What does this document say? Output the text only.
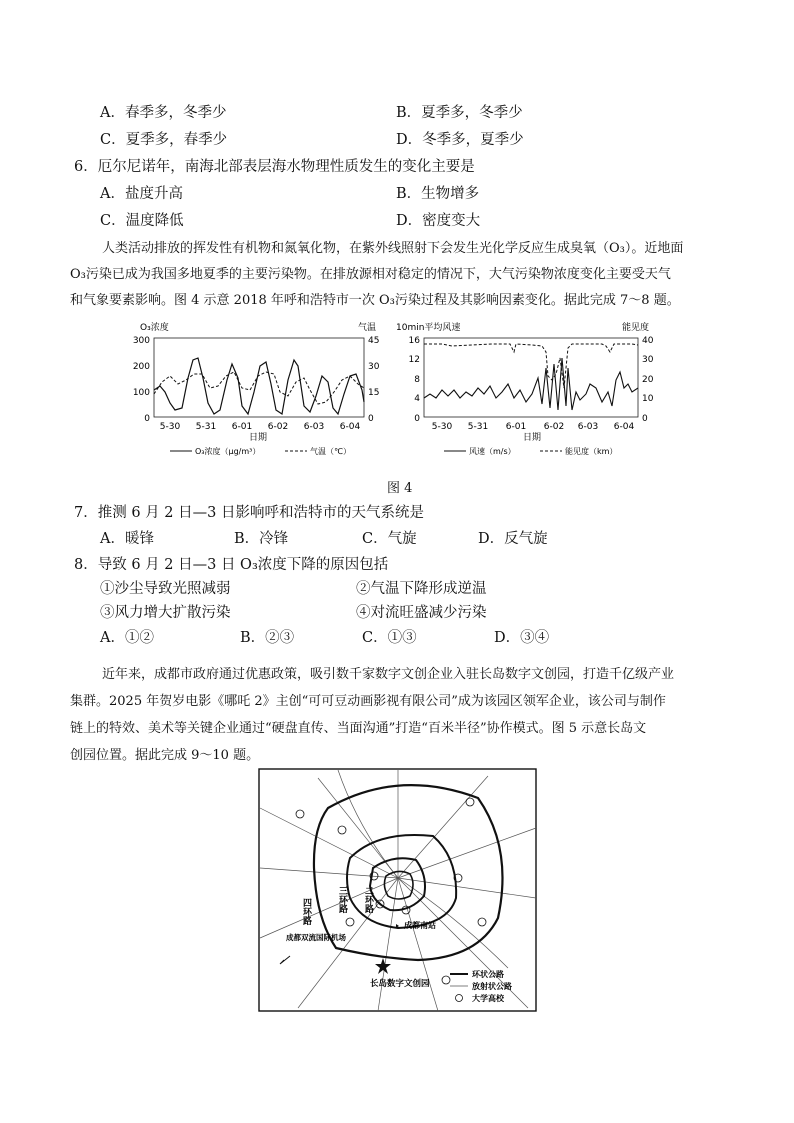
A．春季多，冬季少	B．夏季多，冬季少
C．夏季多，春季少	D．冬季多，夏季少
6．厄尔尼诺年，南海北部表层海水物理性质发生的变化主要是
A．盐度升高	B．生物增多
C．温度降低	D．密度变大
人类活动排放的挥发性有机物和氮氧化物，在紫外线照射下会发生光化学反应生成臭氧（O₃）。近地面
O₃污染已成为我国多地夏季的主要污染物。在排放源相对稳定的情况下，大气污染物浓度变化主要受天气
和气象要素影响。图 4 示意 2018 年呼和浩特市一次 O₃污染过程及其影响因素变化。据此完成 7～8 题。
O₃浓度	气温
300
200
100
0
45
30
15
0
5-30 5-31 6-01 6-02 6-03 6-04
日期
O₃浓度（μg/m³）	气温（℃）
10min平均风速	能见度
16
12
8
4
0
40
30
20
10
0
5-30 5-31 6-01 6-02 6-03 6-04
日期
风速（m/s）	能见度（km）
图 4
7．推测 6 月 2 日—3 日影响呼和浩特市的天气系统是
A．暖锋	B．冷锋	C．气旋	D．反气旋
8．导致 6 月 2 日—3 日 O₃浓度下降的原因包括
①沙尘导致光照减弱	②气温下降形成逆温
③风力增大扩散污染	④对流旺盛减少污染
A．①②	B．②③	C．①③	D．③④
近年来，成都市政府通过优惠政策，吸引数千家数字文创企业入驻长岛数字文创园，打造千亿级产业
集群。2025 年贺岁电影《哪吒 2》主创“可可豆动画影视有限公司”成为该园区领军企业，该公司与制作
链上的特效、美术等关键企业通过“硬盘直传、当面沟通”打造“百米半径”协作模式。图 5 示意长岛文
创园位置。据此完成 9～10 题。
四环路	三环路 二环路
成都南站
成都双流国际机场
长岛数字文创园
环状公路
放射状公路
大学高校
